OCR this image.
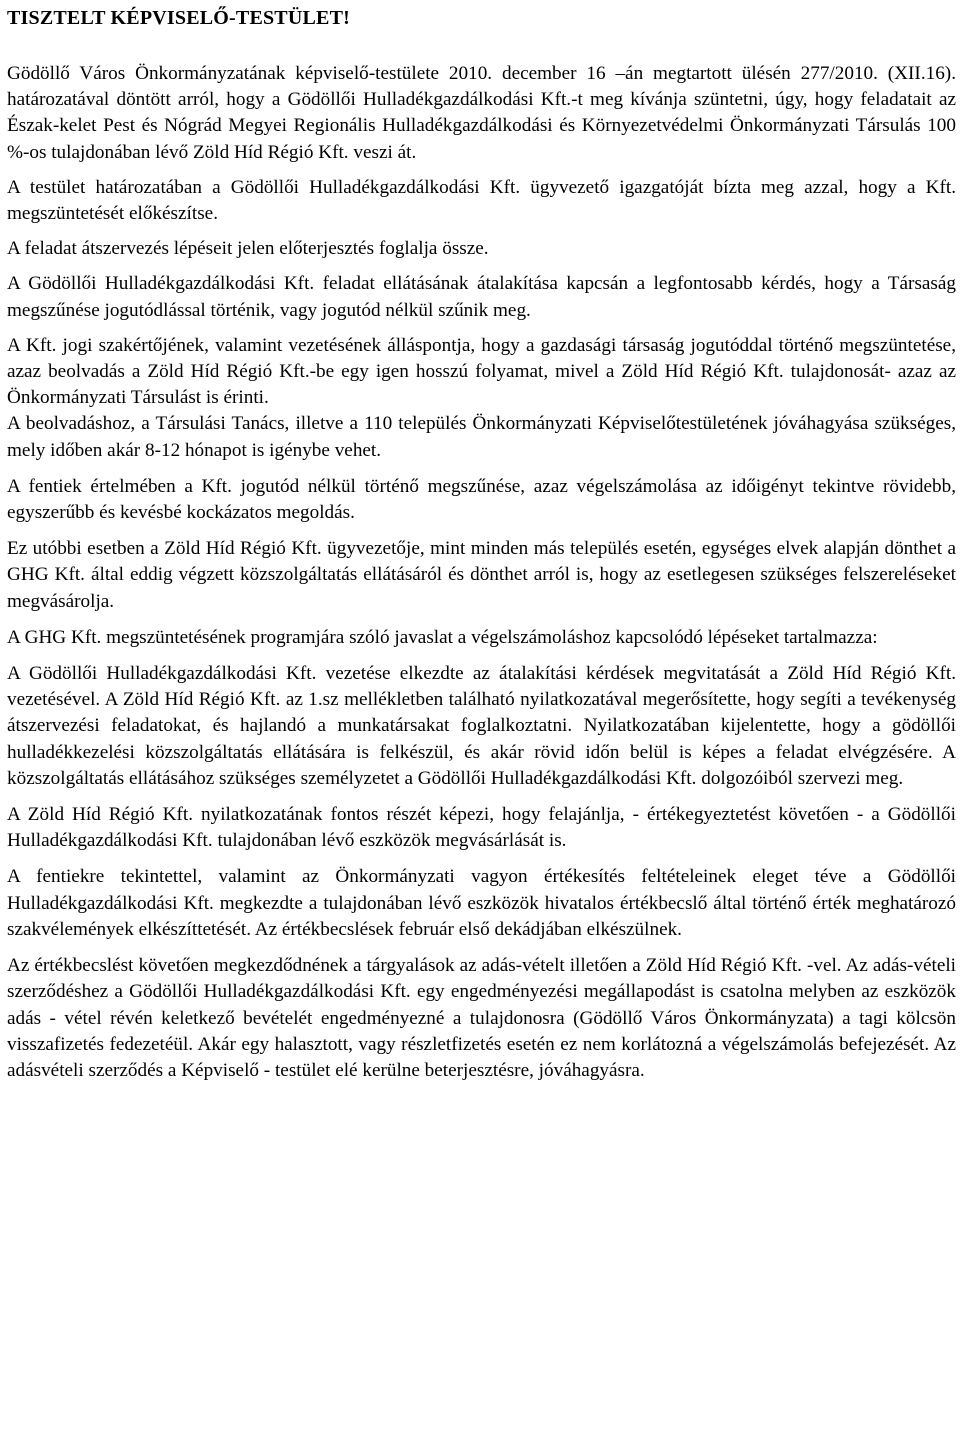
TISZTELT KÉPVISELŐ-TESTÜLET!

Gödöllő Város Önkormányzatának képviselő-testülete 2010. december 16 –án megtartott ülésén 277/2010. (XII.16). határozatával döntött arról, hogy a Gödöllői Hulladékgazdálkodási Kft.-t meg kívánja szüntetni, úgy, hogy feladatait az Észak-kelet Pest és Nógrád Megyei Regionális Hulladékgazdálkodási és Környezetvédelmi Önkormányzati Társulás 100 %-os tulajdonában lévő Zöld Híd Régió Kft. veszi át.

A testület határozatában a Gödöllői Hulladékgazdálkodási Kft. ügyvezető igazgatóját bízta meg azzal, hogy a Kft. megszüntetését előkészítse.

A feladat átszervezés lépéseit jelen előterjesztés foglalja össze.

A Gödöllői Hulladékgazdálkodási Kft. feladat ellátásának átalakítása kapcsán a legfontosabb kérdés, hogy a Társaság megszűnése jogutódlással történik, vagy jogutód nélkül szűnik meg.

A Kft. jogi szakértőjének, valamint vezetésének álláspontja, hogy a gazdasági társaság jogutóddal történő megszüntetése, azaz beolvadás a Zöld Híd Régió Kft.-be egy igen hosszú folyamat, mivel a Zöld Híd Régió Kft. tulajdonosát- azaz az Önkormányzati Társulást is érinti.

A beolvadáshoz, a Társulási Tanács, illetve a 110 település Önkormányzati Képviselőtestületének jóváhagyása szükséges, mely időben akár 8-12 hónapot is igénybe vehet.

A fentiek értelmében a Kft. jogutód nélkül történő megszűnése, azaz végelszámolása az időigényt tekintve rövidebb, egyszerűbb és kevésbé kockázatos megoldás.

Ez utóbbi esetben a Zöld Híd Régió Kft. ügyvezetője, mint minden más település esetén, egységes elvek alapján dönthet a GHG Kft. által eddig végzett közszolgáltatás ellátásáról és dönthet arról is, hogy az esetlegesen szükséges felszereléseket megvásárolja.

A GHG Kft. megszüntetésének programjára szóló javaslat a végelszámoláshoz kapcsolódó lépéseket tartalmazza:

A Gödöllői Hulladékgazdálkodási Kft. vezetése elkezdte az átalakítási kérdések megvitatását a Zöld Híd Régió Kft. vezetésével. A Zöld Híd Régió Kft. az 1.sz mellékletben található nyilatkozatával megerősítette, hogy segíti a tevékenység átszervezési feladatokat, és hajlandó a munkatársakat foglalkoztatni. Nyilatkozatában kijelentette, hogy a gödöllői hulladékkezelési közszolgáltatás ellátására is felkészül, és akár rövid időn belül is képes a feladat elvégzésére. A közszolgáltatás ellátásához szükséges személyzetet a Gödöllői Hulladékgazdálkodási Kft. dolgozóiból szervezi meg.

A Zöld Híd Régió Kft. nyilatkozatának fontos részét képezi, hogy felajánlja, - értékegyeztetést követően - a Gödöllői Hulladékgazdálkodási Kft. tulajdonában lévő eszközök megvásárlását is.

A fentiekre tekintettel, valamint az Önkormányzati vagyon értékesítés feltételeinek eleget téve a Gödöllői Hulladékgazdálkodási Kft. megkezdte a tulajdonában lévő eszközök hivatalos értékbecslő által történő érték meghatározó szakvélemények elkészíttetését. Az értékbecslések február első dekádjában elkészülnek.

Az értékbecslést követően megkezdődnének a tárgyalások az adás-vételt illetően a Zöld Híd Régió Kft. -vel. Az adás-vételi szerződéshez a Gödöllői Hulladékgazdálkodási Kft. egy engedményezési megállapodást is csatolna melyben az eszközök adás - vétel révén keletkező bevételét engedményezné a tulajdonosra (Gödöllő Város Önkormányzata) a tagi kölcsön visszafizetés fedezetéül. Akár egy halasztott, vagy részletfizetés esetén ez nem korlátozná a végelszámolás befejezését. Az adásvételi szerződés a Képviselő - testület elé kerülne beterjesztésre, jóváhagyásra.
